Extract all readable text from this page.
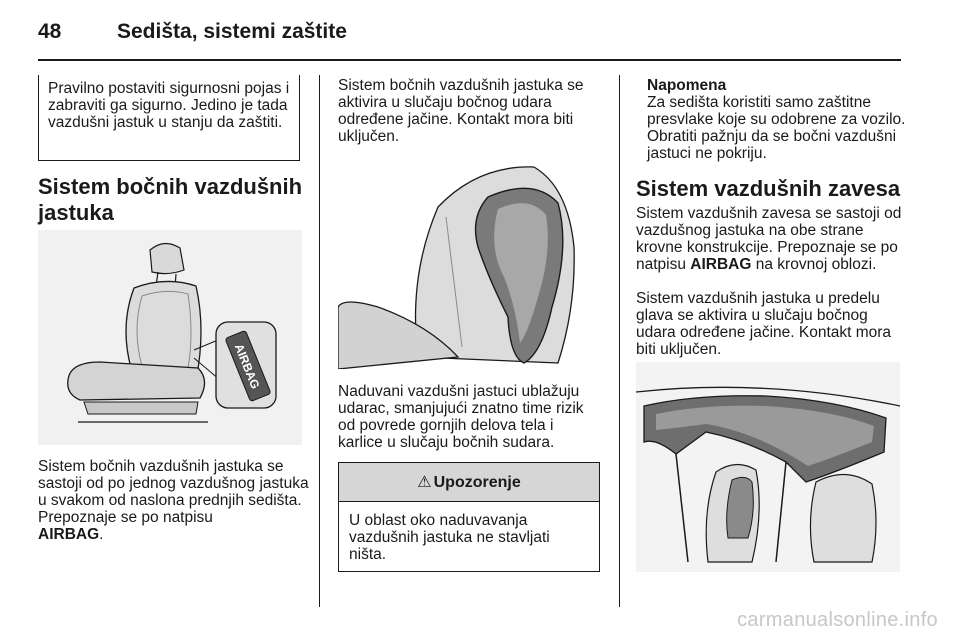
48	Sedišta, sistemi zaštite

Pravilno postaviti sigurnosni pojas i zabraviti ga sigurno. Jedino je tada vazdušni jastuk u stanju da zaštiti.

Sistem bočnih vazdušnih jastuka
AIRBAG

Sistem bočnih vazdušnih jastuka se sastoji od po jednog vazdušnog jastuka u svakom od naslona prednjih sedišta. Prepoznaje se po natpisu
AIRBAG.

Sistem bočnih vazdušnih jastuka se aktivira u slučaju bočnog udara određene jačine. Kontakt mora biti uključen.

Naduvani vazdušni jastuci ublažuju udarac, smanjujući znatno time rizik od povrede gornjih delova tela i karlice u slučaju bočnih sudara.

⚠ Upozorenje

U oblast oko naduvavanja vazdušnih jastuka ne stavljati ništa.

Napomena

Za sedišta koristiti samo zaštitne presvlake koje su odobrene za vozilo. Obratiti pažnju da se bočni vazdušni jastuci ne pokriju.

Sistem vazdušnih zavesa

Sistem vazdušnih zavesa se sastoji od vazdušnog jastuka na obe strane krovne konstrukcije. Prepoznaje se po natpisu AIRBAG na krovnoj oblozi.

Sistem vazdušnih jastuka u predelu glava se aktivira u slučaju bočnog udara određene jačine. Kontakt mora biti uključen.

carmanualsonline.info
